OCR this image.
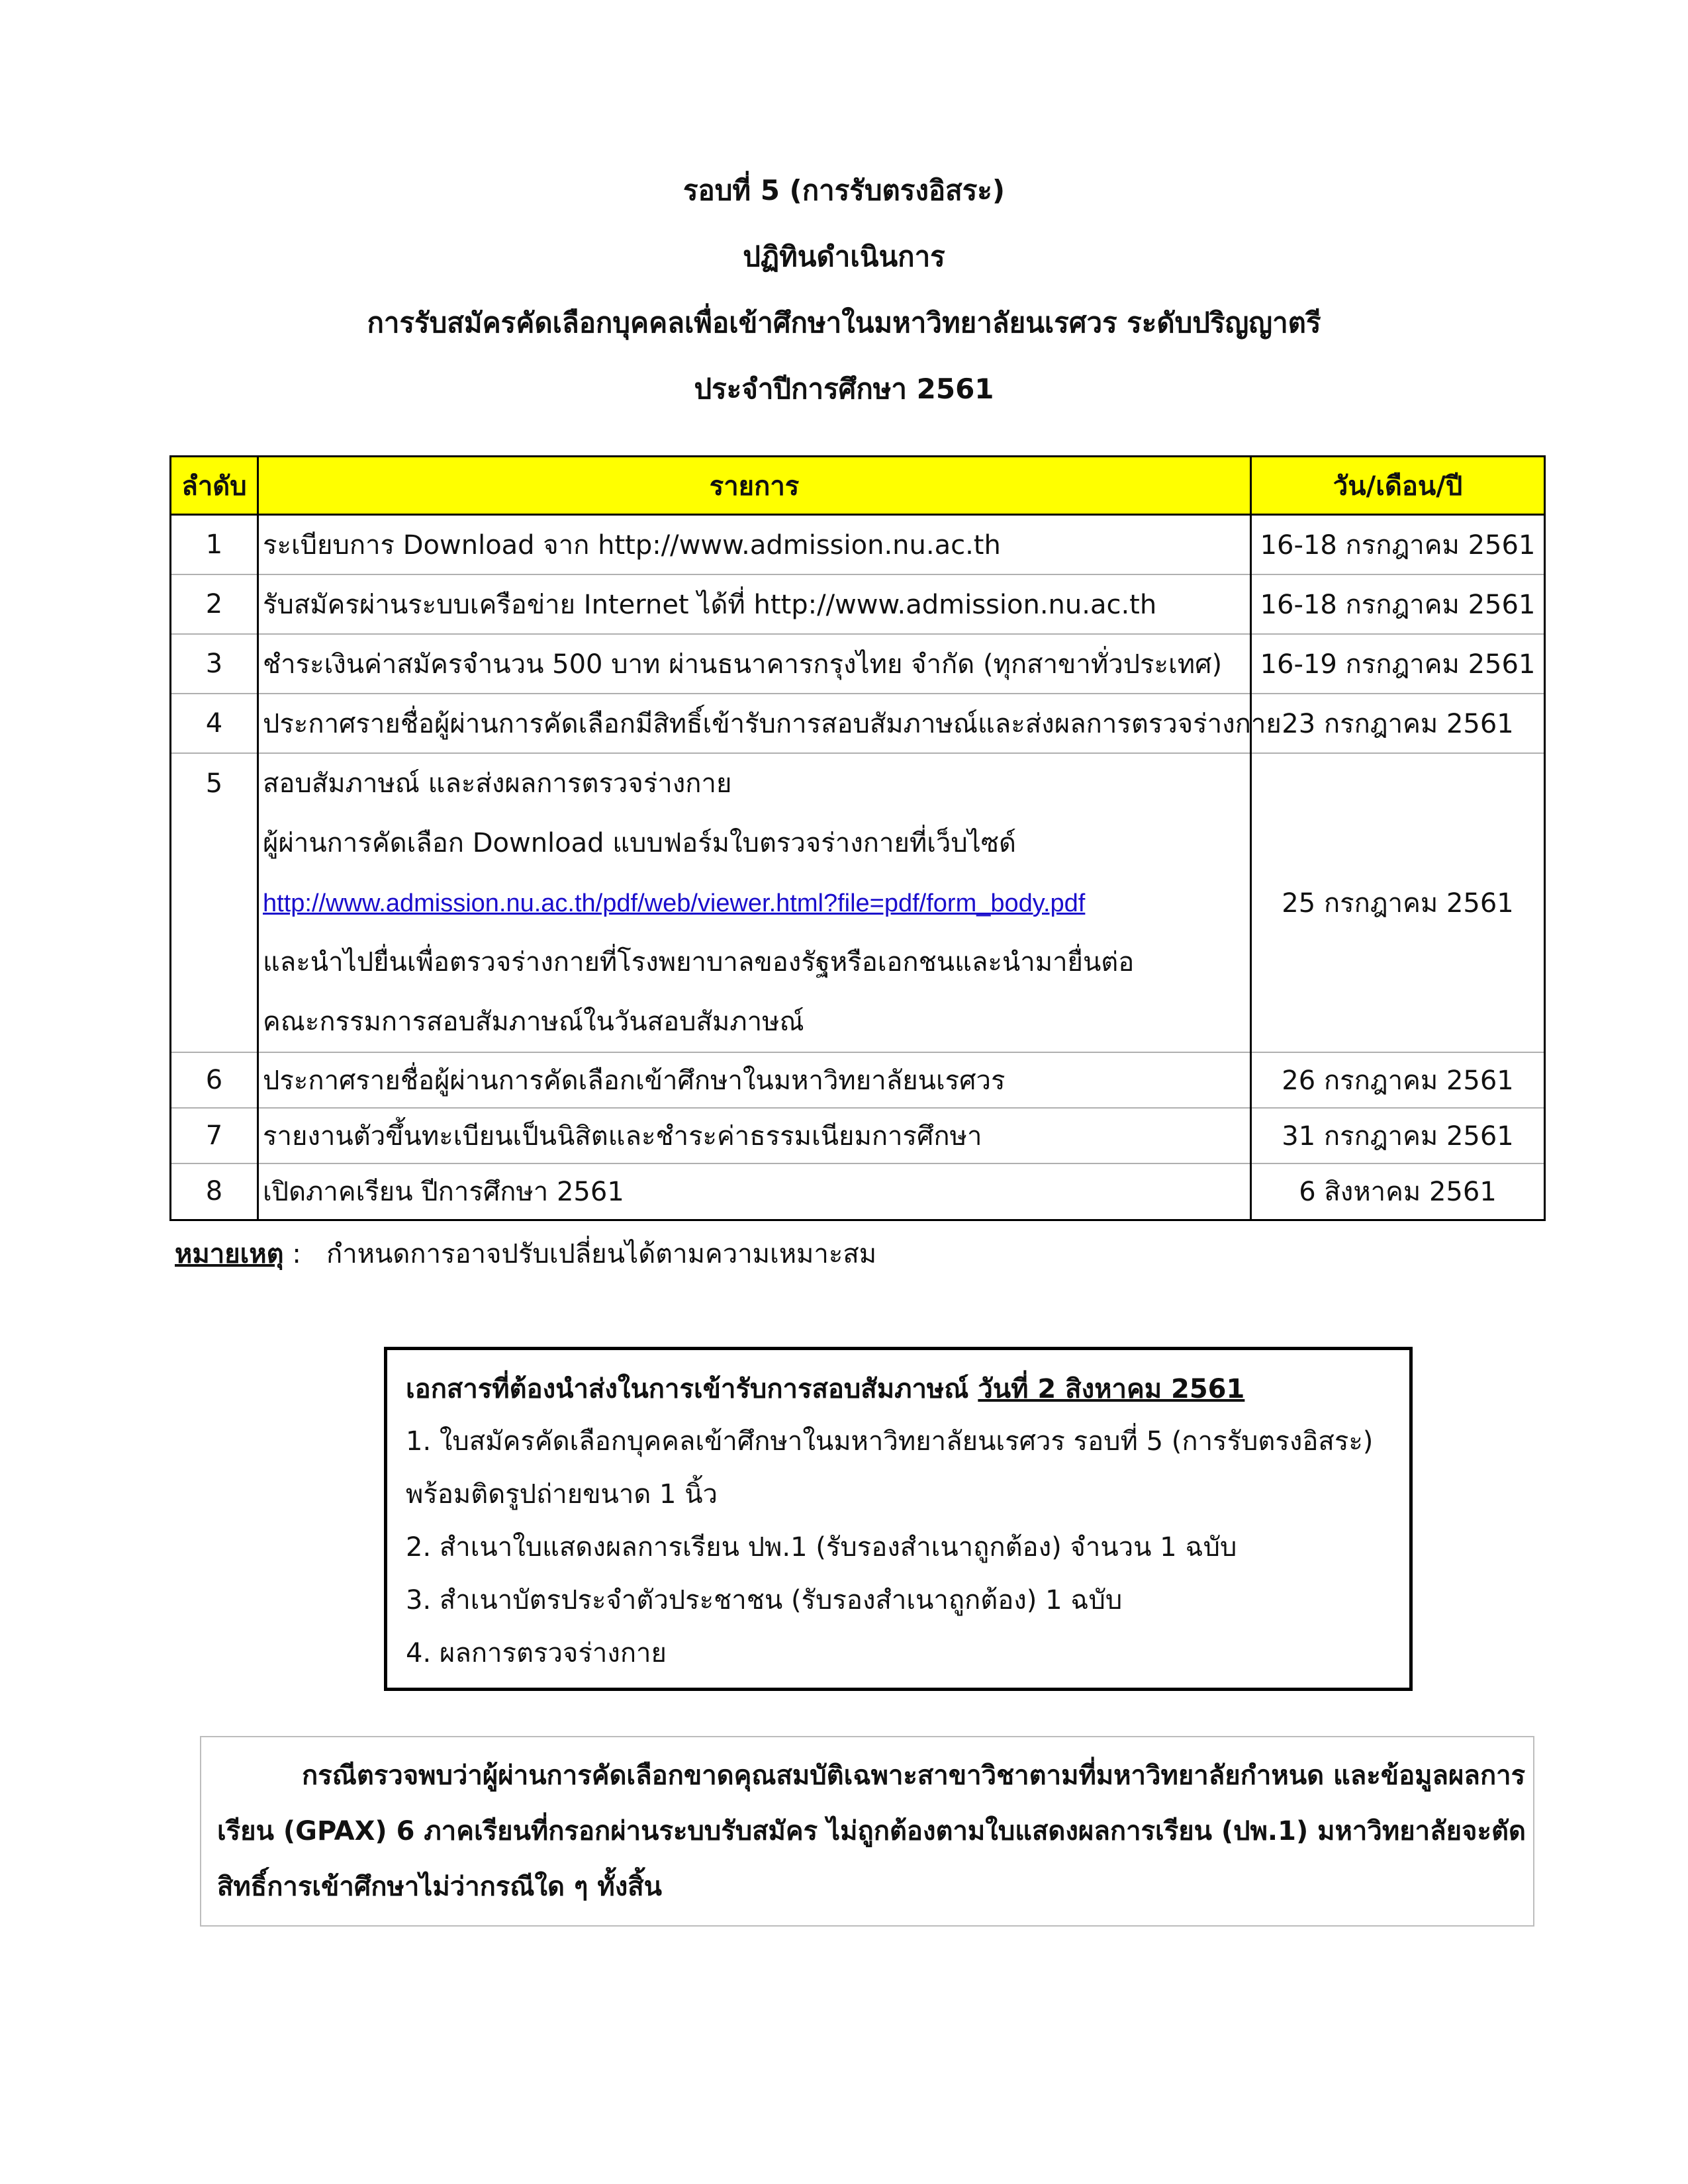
รอบที่ 5 (การรับตรงอิสระ)
ปฏิทินดำเนินการ
การรับสมัครคัดเลือกบุคคลเพื่อเข้าศึกษาในมหาวิทยาลัยนเรศวร ระดับปริญญาตรี
ประจำปีการศึกษา 2561
ลำดับ	รายการ	วัน/เดือน/ปี
1	ระเบียบการ Download จาก http://www.admission.nu.ac.th	16-18 กรกฎาคม 2561
2	รับสมัครผ่านระบบเครือข่าย Internet ได้ที่ http://www.admission.nu.ac.th	16-18 กรกฎาคม 2561
3	ชำระเงินค่าสมัครจำนวน 500 บาท ผ่านธนาคารกรุงไทย จำกัด (ทุกสาขาทั่วประเทศ)	16-19 กรกฎาคม 2561
4	ประกาศรายชื่อผู้ผ่านการคัดเลือกมีสิทธิ์เข้ารับการสอบสัมภาษณ์และส่งผลการตรวจร่างกาย	23 กรกฎาคม 2561

5	สอบสัมภาษณ์ และส่งผลการตรวจร่างกาย
ผู้ผ่านการคัดเลือก Download แบบฟอร์มใบตรวจร่างกายที่เว็บไซด์
http://www.admission.nu.ac.th/pdf/web/viewer.html?file=pdf/form_body.pdf
และนำไปยื่นเพื่อตรวจร่างกายที่โรงพยาบาลของรัฐหรือเอกชนและนำมายื่นต่อ
คณะกรรมการสอบสัมภาษณ์ในวันสอบสัมภาษณ์	25 กรกฎาคม 2561
6	ประกาศรายชื่อผู้ผ่านการคัดเลือกเข้าศึกษาในมหาวิทยาลัยนเรศวร	26 กรกฎาคม 2561
7	รายงานตัวขึ้นทะเบียนเป็นนิสิตและชำระค่าธรรมเนียมการศึกษา	31 กรกฎาคม 2561
8	เปิดภาคเรียน ปีการศึกษา 2561	6 สิงหาคม 2561
หมายเหตุ :   กำหนดการอาจปรับเปลี่ยนได้ตามความเหมาะสม
เอกสารที่ต้องนำส่งในการเข้ารับการสอบสัมภาษณ์ วันที่ 2 สิงหาคม 2561
1. ใบสมัครคัดเลือกบุคคลเข้าศึกษาในมหาวิทยาลัยนเรศวร รอบที่ 5 (การรับตรงอิสระ)
พร้อมติดรูปถ่ายขนาด 1 นิ้ว
2. สำเนาใบแสดงผลการเรียน ปพ.1 (รับรองสำเนาถูกต้อง) จำนวน 1 ฉบับ
3. สำเนาบัตรประจำตัวประชาชน (รับรองสำเนาถูกต้อง) 1 ฉบับ
4. ผลการตรวจร่างกาย
กรณีตรวจพบว่าผู้ผ่านการคัดเลือกขาดคุณสมบัติเฉพาะสาขาวิชาตามที่มหาวิทยาลัยกำหนด และข้อมูลผลการ
เรียน (GPAX) 6 ภาคเรียนที่กรอกผ่านระบบรับสมัคร ไม่ถูกต้องตามใบแสดงผลการเรียน (ปพ.1) มหาวิทยาลัยจะตัด
สิทธิ์การเข้าศึกษาไม่ว่ากรณีใด ๆ ทั้งสิ้น
